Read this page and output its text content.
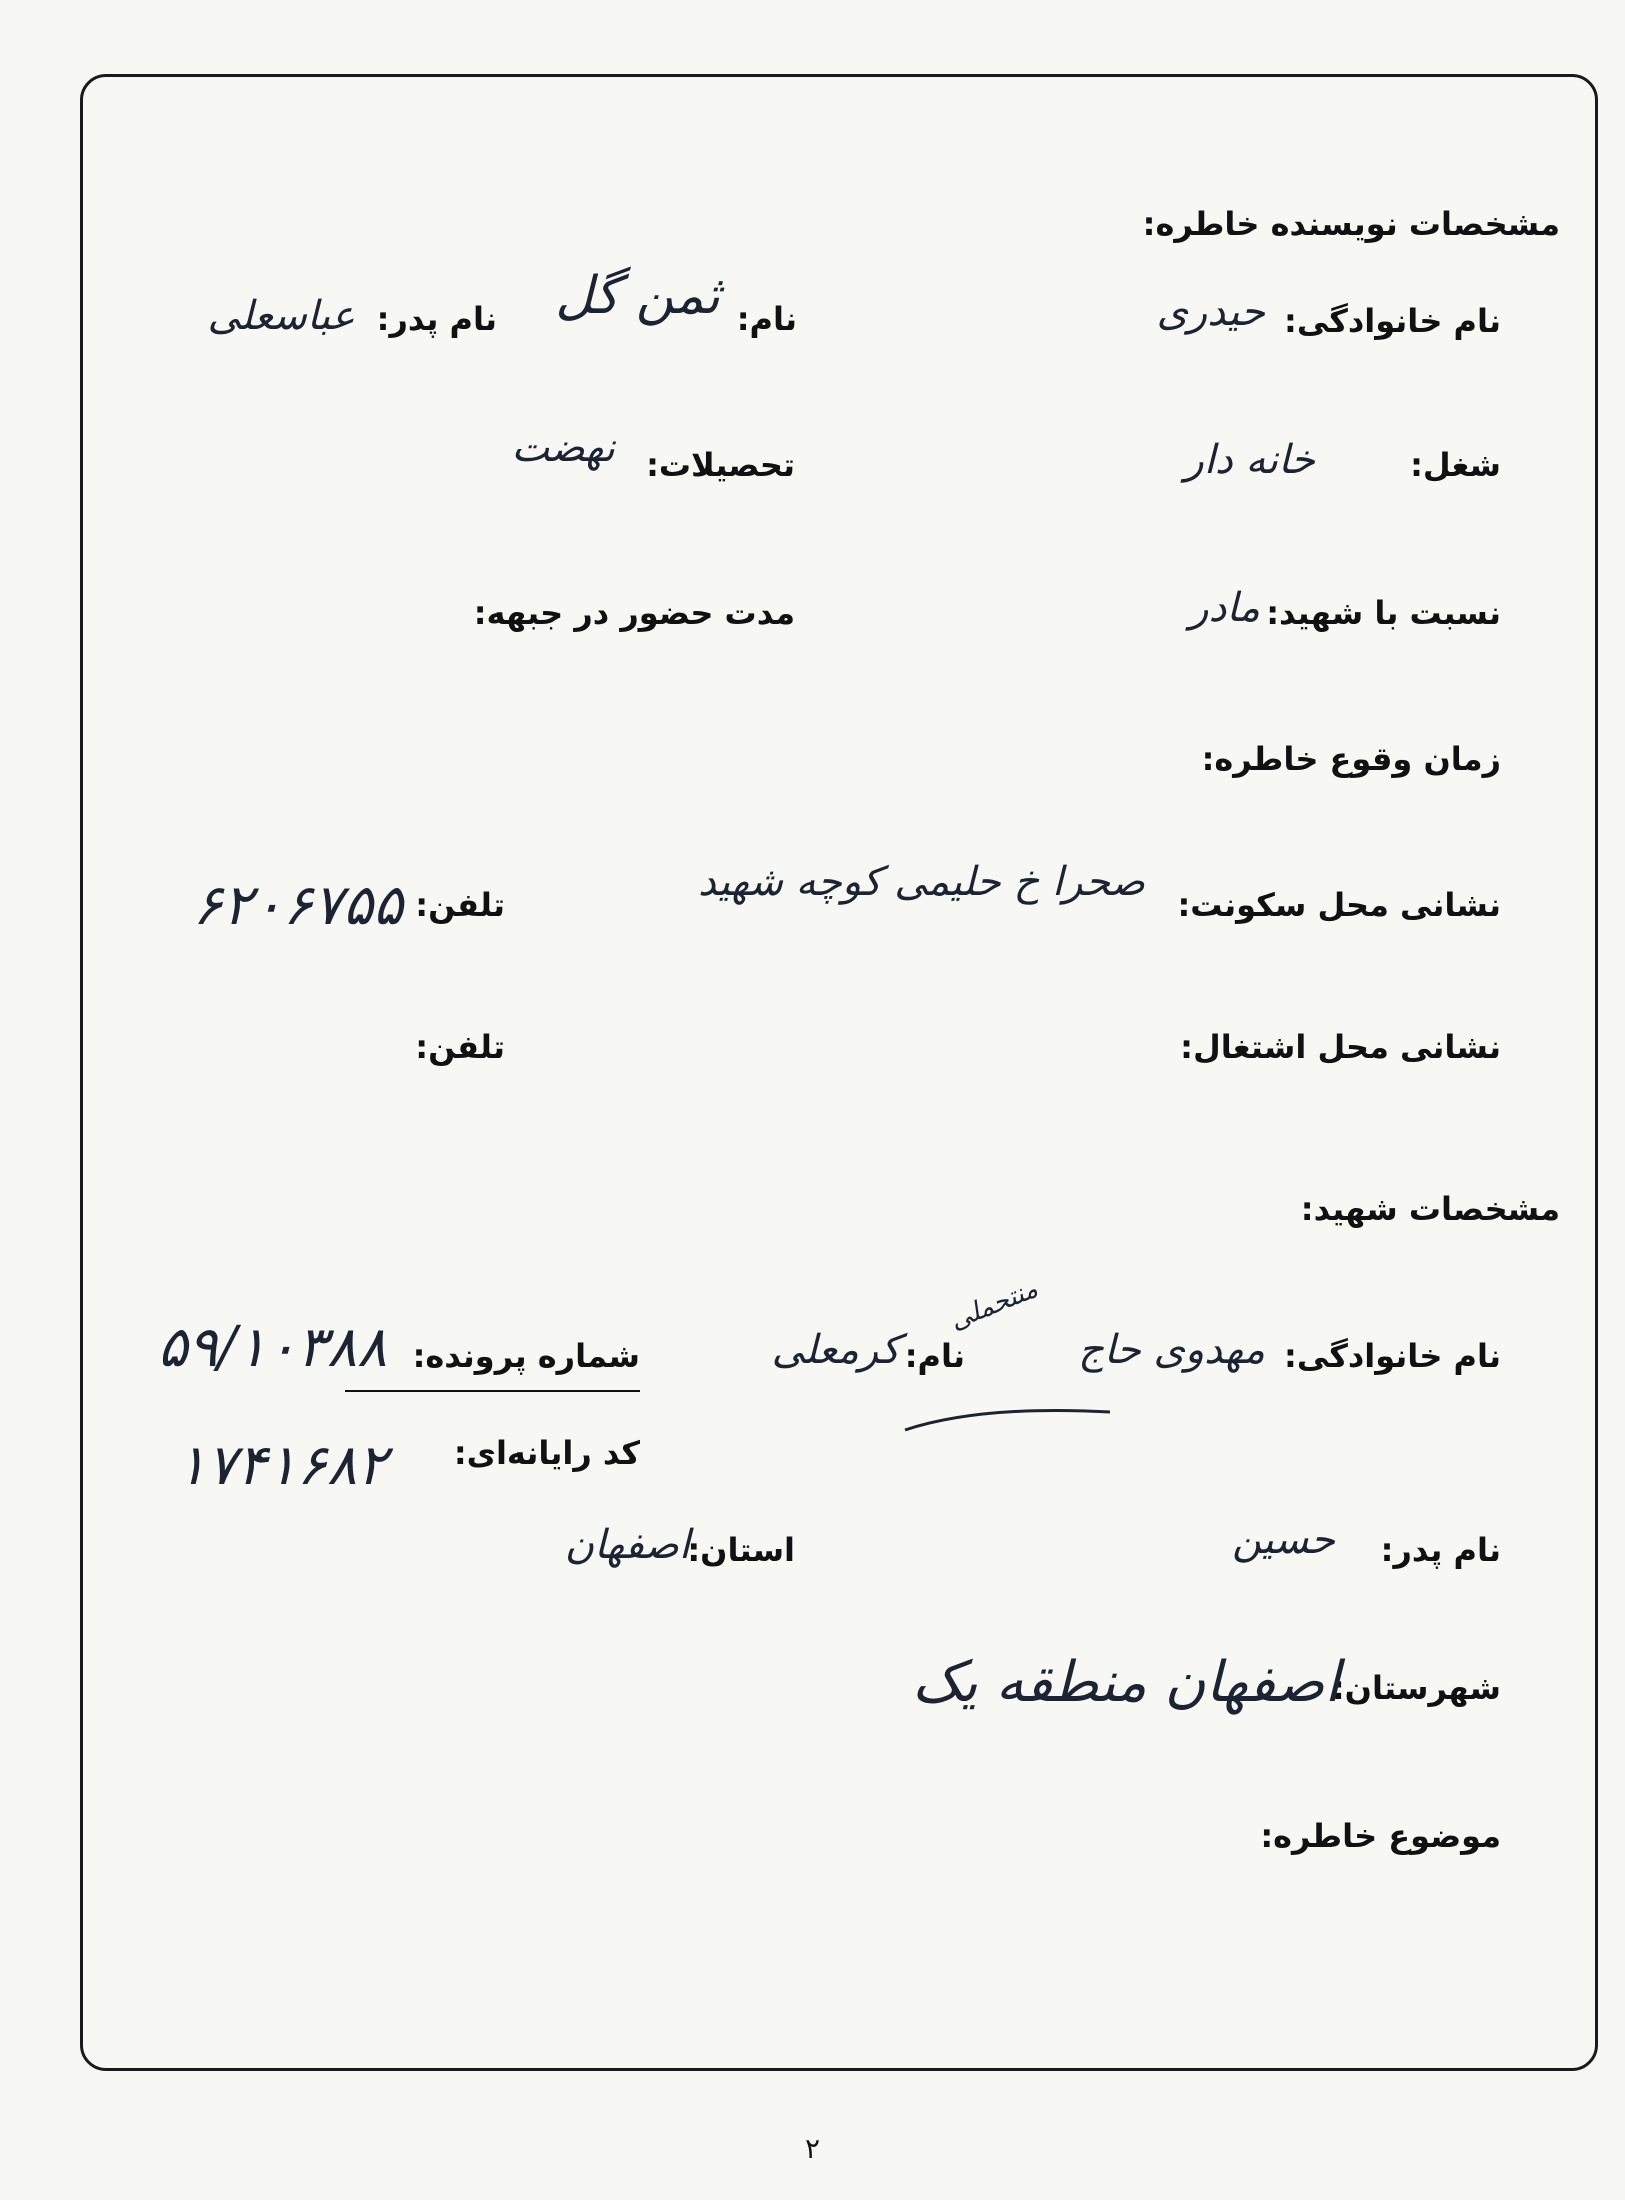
مشخصات نویسنده خاطره:
نام خانوادگی:
حیدری
نام:
ثمن گل
نام پدر:
عباسعلی
شغل:
خانه دار
تحصیلات:
نهضت
نسبت با شهید:
مادر
مدت حضور در جبهه:
زمان وقوع خاطره:
نشانی محل سکونت:
صحرا خ حلیمی کوچه شهید
تلفن:
۶۲۰۶۷۵۵
نشانی محل اشتغال:
تلفن:
مشخصات شهید:
نام خانوادگی:
مهدوی حاج
منتحملی
نام:
کرمعلی
شماره پرونده:
۵۹/۱۰۳۸۸
کد رایانه‌ای:
۱۷۴۱۶۸۲
نام پدر:
حسین
استان:
اصفهان
شهرستان:
اصفهان منطقه یک
موضوع خاطره:
۲
